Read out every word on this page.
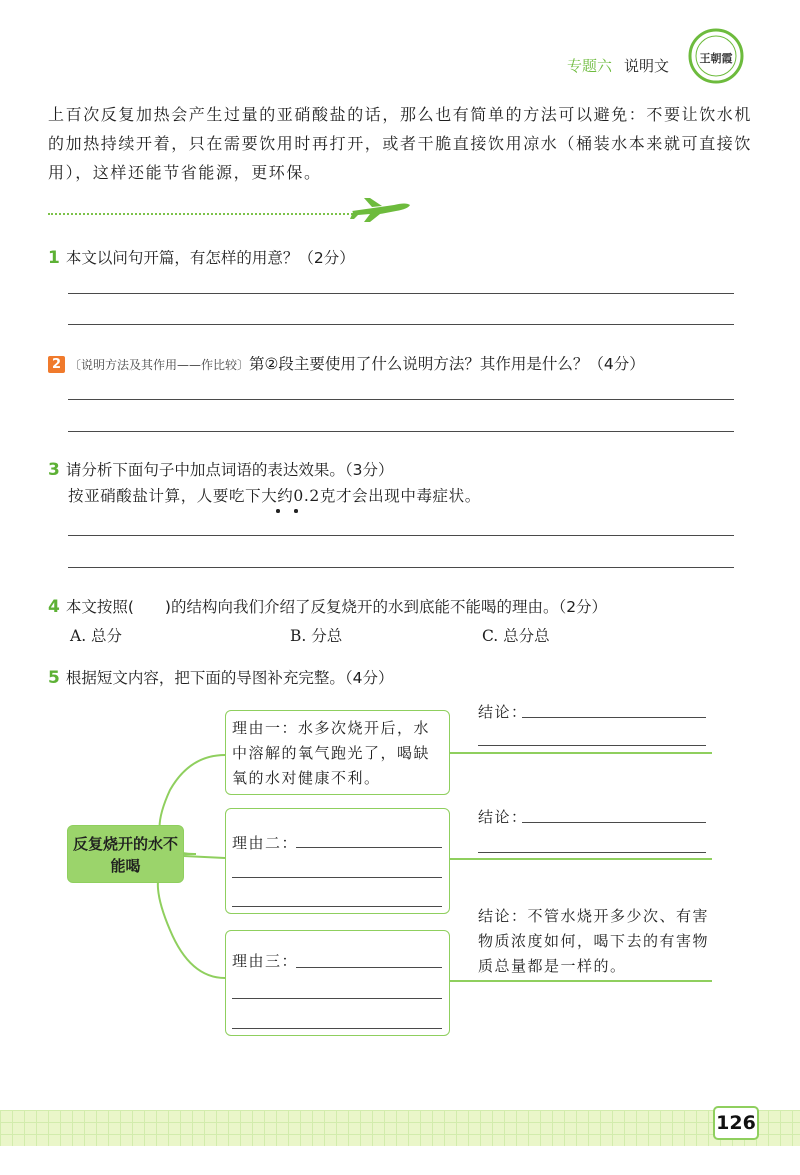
专题六 说明文	王朝霞
上百次反复加热会产生过量的亚硝酸盐的话，那么也有简单的方法可以避免：不要让饮水机的加热持续开着，只在需要饮用时再打开，或者干脆直接饮用凉水（桶装水本来就可直接饮用），这样还能节省能源，更环保。
1 本文以问句开篇，有怎样的用意？（2分）
2 〔说明方法及其作用——作比较〕第②段主要使用了什么说明方法？其作用是什么？（4分）
3 请分析下面句子中加点词语的表达效果。（3分）
按亚硝酸盐计算，人要吃下大约0.2克才会出现中毒症状。
4 本文按照(　　)的结构向我们介绍了反复烧开的水到底能不能喝的理由。（2分）
A. 总分	B. 分总	C. 总分总
5 根据短文内容，把下面的导图补充完整。（4分）
反复烧开的水不能喝
理由一：水多次烧开后，水中溶解的氧气跑光了，喝缺氧的水对健康不利。
结论：
理由二：
结论：
理由三：
结论：不管水烧开多少次、有害物质浓度如何，喝下去的有害物质总量都是一样的。
126
